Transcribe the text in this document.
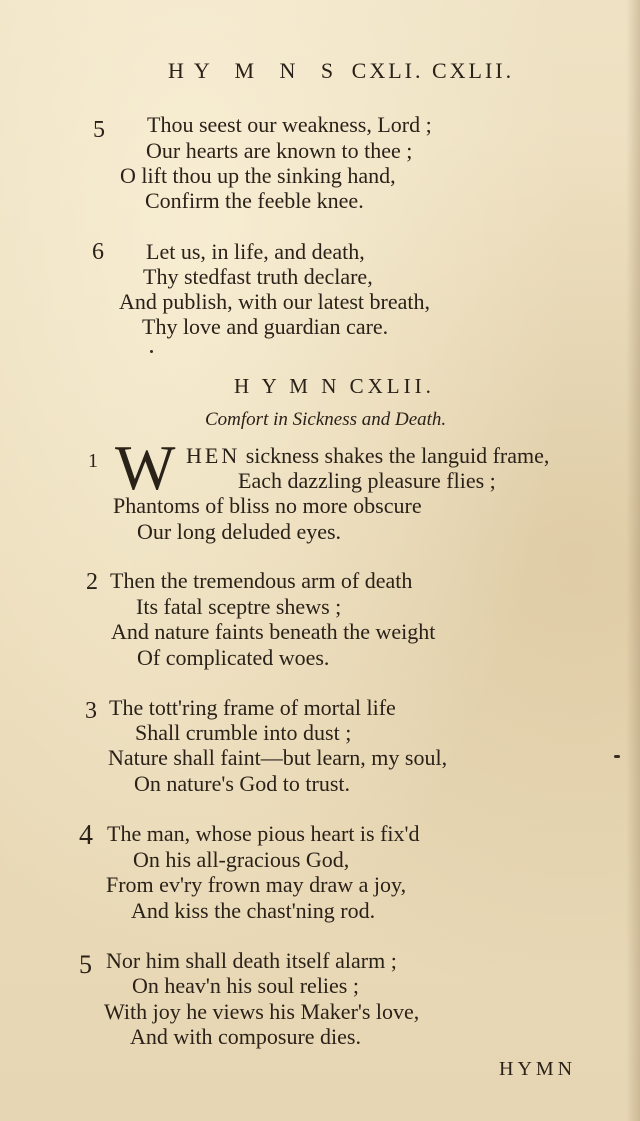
HY M N S CXLI. CXLII.
5 Thou seest our weakness, Lord ;
Our hearts are known to thee ;
O lift thou up the sinking hand,
Confirm the feeble knee.
6 Let us, in life, and death,
Thy stedfast truth declare,
And publish, with our latest breath,
Thy love and guardian care.
H Y M N CXLII.
Comfort in Sickness and Death.
1 W HEN sickness shakes the languid frame,
Each dazzling pleasure flies ;
Phantoms of bliss no more obscure
Our long deluded eyes.
2 Then the tremendous arm of death
Its fatal sceptre shews ;
And nature faints beneath the weight
Of complicated woes.
3 The tott'ring frame of mortal life
Shall crumble into dust ;
Nature shall faint—but learn, my soul,
On nature's God to trust.
4 The man, whose pious heart is fix'd
On his all-gracious God,
From ev'ry frown may draw a joy,
And kiss the chast'ning rod.
5 Nor him shall death itself alarm ;
On heav'n his soul relies ;
With joy he views his Maker's love,
And with composure dies.
HYMN
